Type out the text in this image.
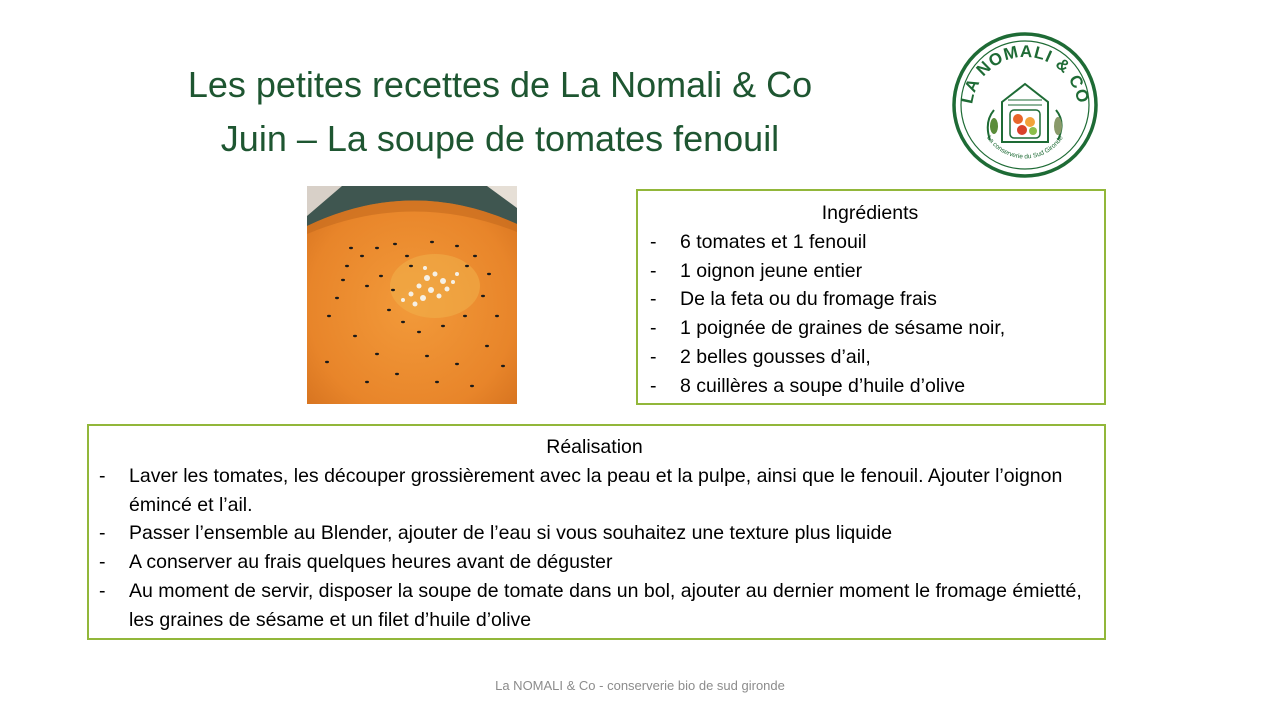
Les petites recettes de La Nomali & Co
Juin – La soupe de tomates fenouil
LA NOMALI & CO
La conserverie du Sud Gironde
Ingrédients
- 6 tomates et 1 fenouil
- 1 oignon jeune entier
- De la feta ou du fromage frais
- 1 poignée de graines de sésame noir,
- 2 belles gousses d’ail,
- 8 cuillères a soupe d’huile d’olive
Réalisation
- Laver les tomates, les découper grossièrement avec la peau et la pulpe, ainsi que le fenouil. Ajouter l’oignon émincé et l’ail.
- Passer l’ensemble au Blender, ajouter de l’eau si vous souhaitez une texture plus liquide
- A conserver au frais quelques heures avant de déguster
- Au moment de servir, disposer la soupe de tomate dans un bol, ajouter au dernier moment le fromage émietté, les graines de sésame et un filet d’huile d’olive
La NOMALI & Co - conserverie bio de sud gironde
